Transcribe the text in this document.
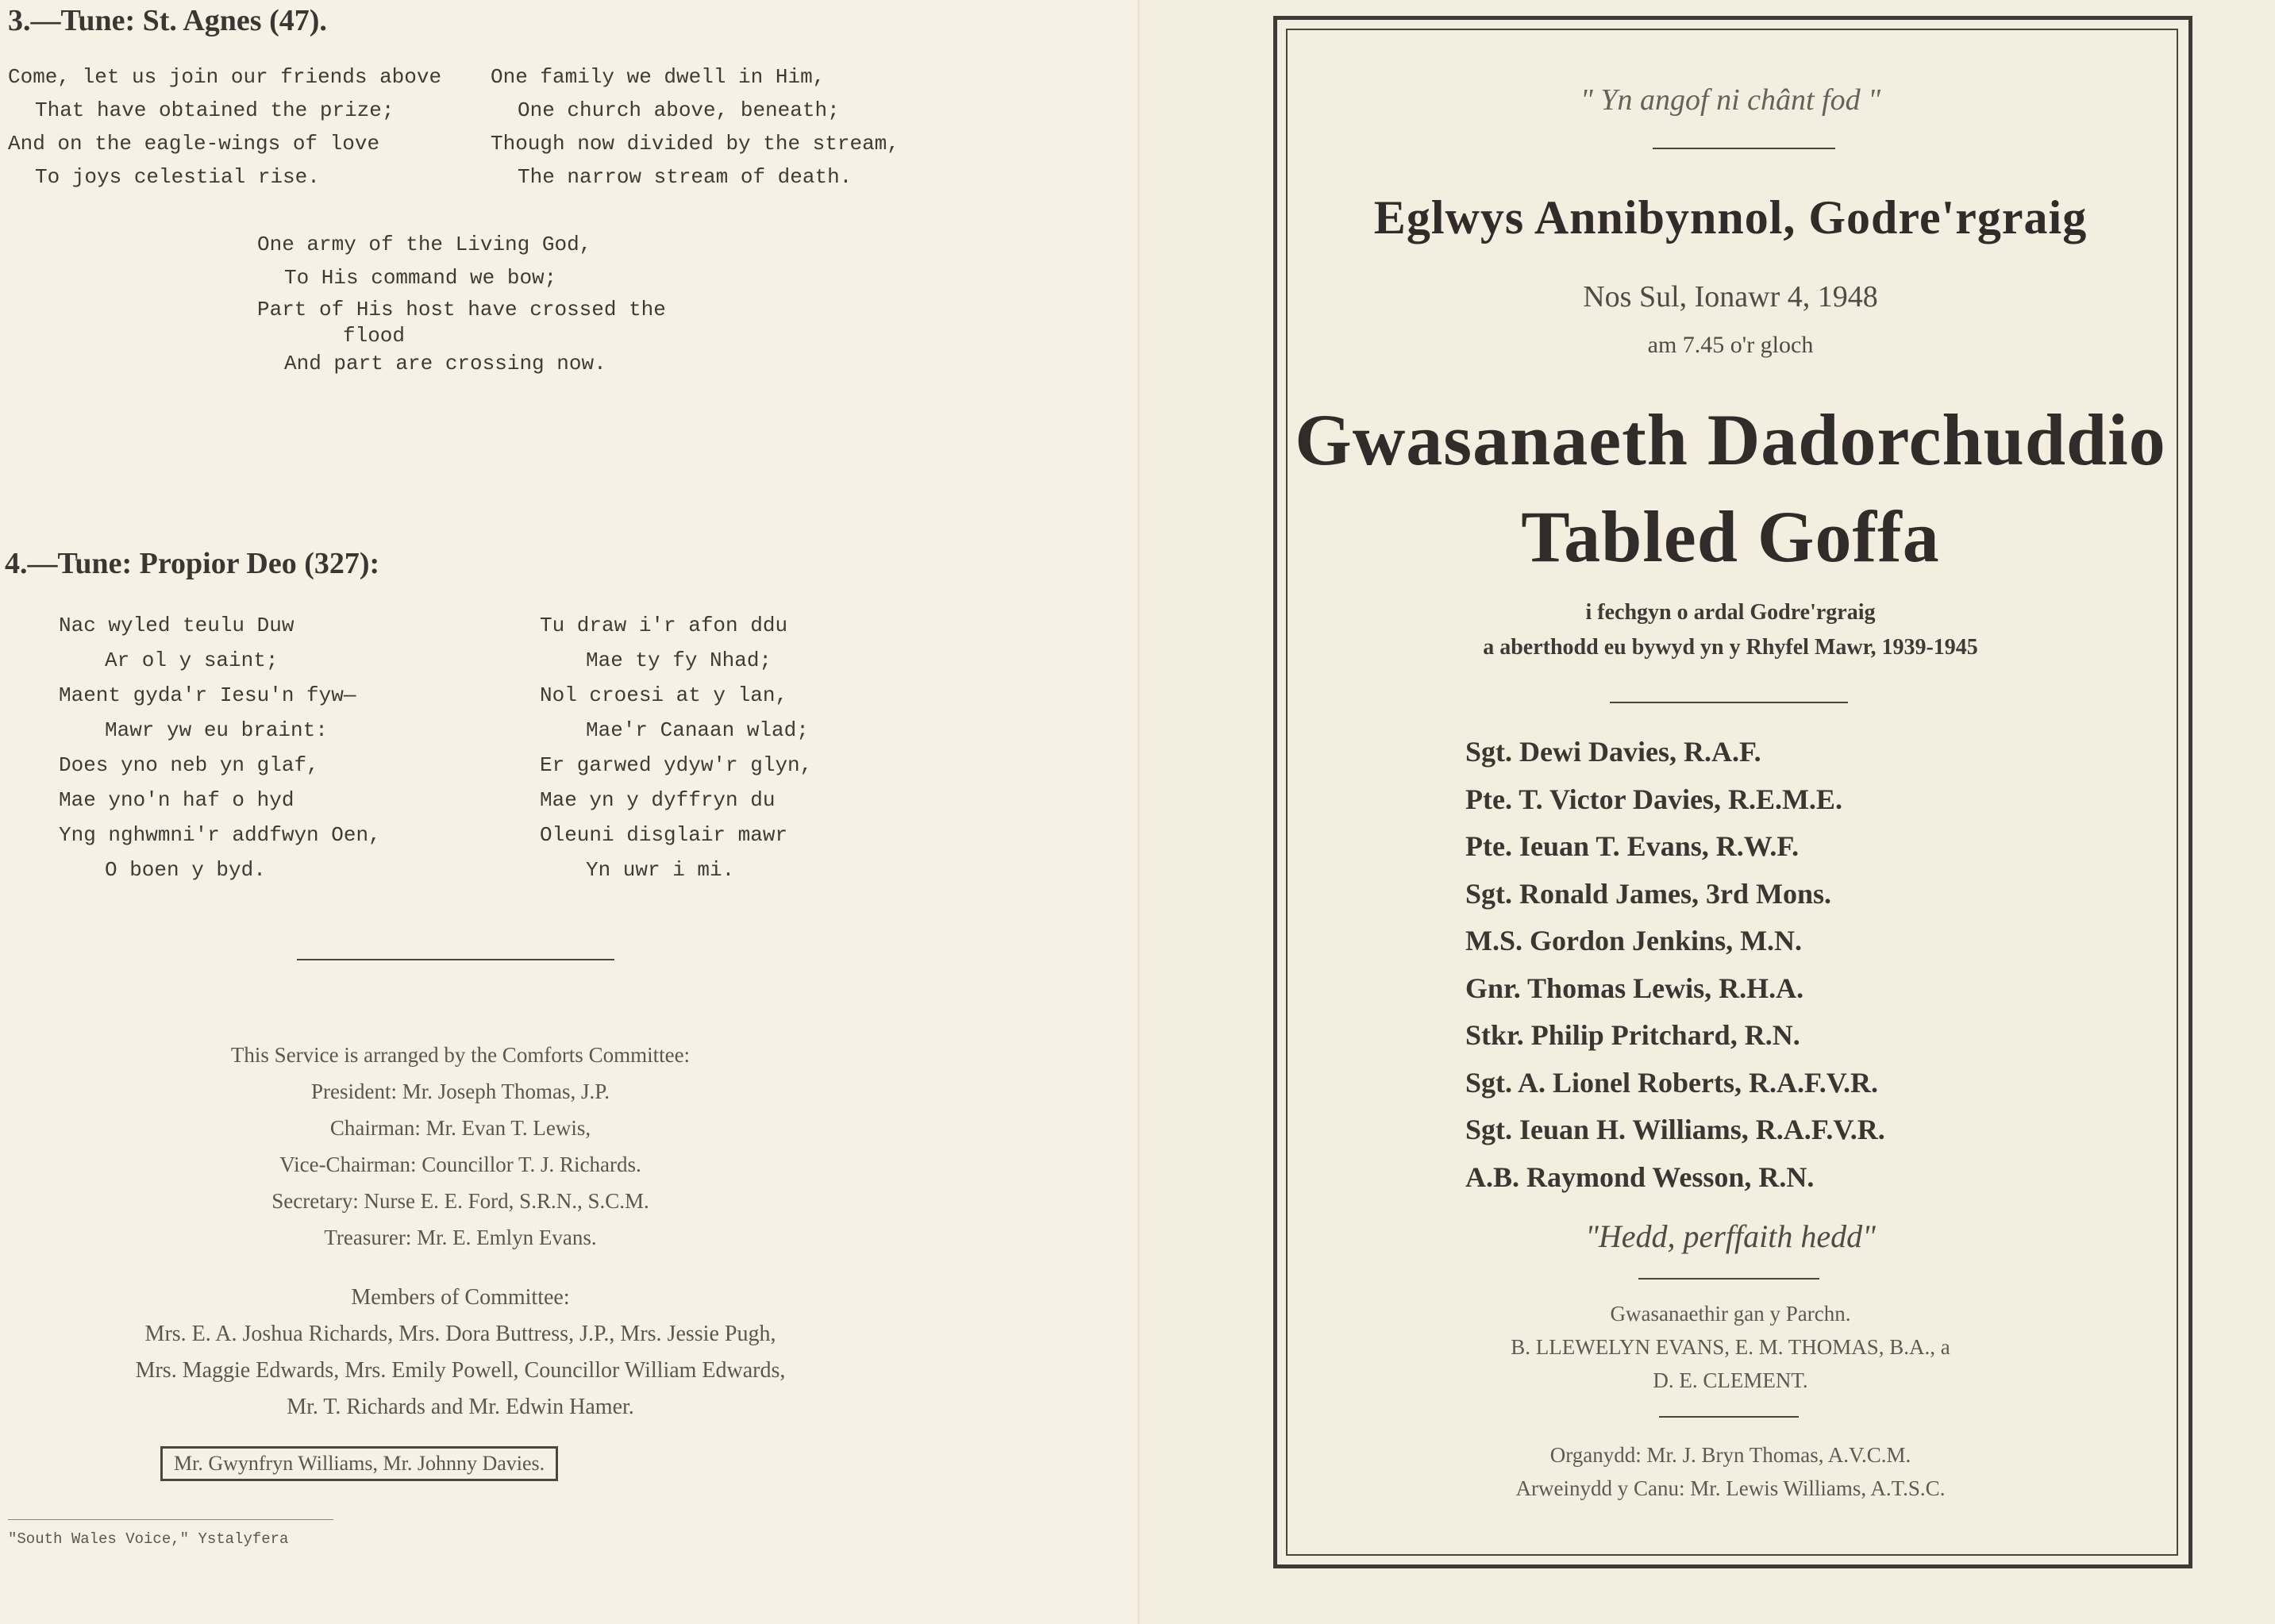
3.—Tune: St. Agnes (47).
Come, let us join our friends above
That have obtained the prize;
And on the eagle-wings of love
To joys celestial rise.
One family we dwell in Him,
One church above, beneath;
Though now divided by the stream,
The narrow stream of death.
One army of the Living God,
To His command we bow;
Part of His host have crossed the
flood
And part are crossing now.
4.—Tune: Propior Deo (327):
Nac wyled teulu Duw
Ar ol y saint;
Maent gyda'r Iesu'n fyw—
Mawr yw eu braint:
Does yno neb yn glaf,
Mae yno'n haf o hyd
Yng nghwmni'r addfwyn Oen,
O boen y byd.
Tu draw i'r afon ddu
Mae ty fy Nhad;
Nol croesi at y lan,
Mae'r Canaan wlad;
Er garwed ydyw'r glyn,
Mae yn y dyffryn du
Oleuni disglair mawr
Yn uwr i mi.
This Service is arranged by the Comforts Committee:
President: Mr. Joseph Thomas, J.P.
Chairman: Mr. Evan T. Lewis,
Vice-Chairman: Councillor T. J. Richards.
Secretary: Nurse E. E. Ford, S.R.N., S.C.M.
Treasurer: Mr. E. Emlyn Evans.
Members of Committee:
Mrs. E. A. Joshua Richards, Mrs. Dora Buttress, J.P., Mrs. Jessie Pugh,
Mrs. Maggie Edwards, Mrs. Emily Powell, Councillor William Edwards,
Mr. T. Richards and Mr. Edwin Hamer.
Mr. Gwynfryn Williams, Mr. Johnny Davies.
"South Wales Voice," Ystalyfera
" Yn angof ni chânt fod "
Eglwys Annibynnol, Godre'rgraig
Nos Sul, Ionawr 4, 1948
am 7.45 o'r gloch
Gwasanaeth Dadorchuddio
Tabled Goffa
i fechgyn o ardal Godre'rgraig
a aberthodd eu bywyd yn y Rhyfel Mawr, 1939-1945
Sgt. Dewi Davies, R.A.F.
Pte. T. Victor Davies, R.E.M.E.
Pte. Ieuan T. Evans, R.W.F.
Sgt. Ronald James, 3rd Mons.
M.S. Gordon Jenkins, M.N.
Gnr. Thomas Lewis, R.H.A.
Stkr. Philip Pritchard, R.N.
Sgt. A. Lionel Roberts, R.A.F.V.R.
Sgt. Ieuan H. Williams, R.A.F.V.R.
A.B. Raymond Wesson, R.N.
"Hedd, perffaith hedd"
Gwasanaethir gan y Parchn.
B. LLEWELYN EVANS, E. M. THOMAS, B.A., a
D. E. CLEMENT.
Organydd: Mr. J. Bryn Thomas, A.V.C.M.
Arweinydd y Canu: Mr. Lewis Williams, A.T.S.C.
